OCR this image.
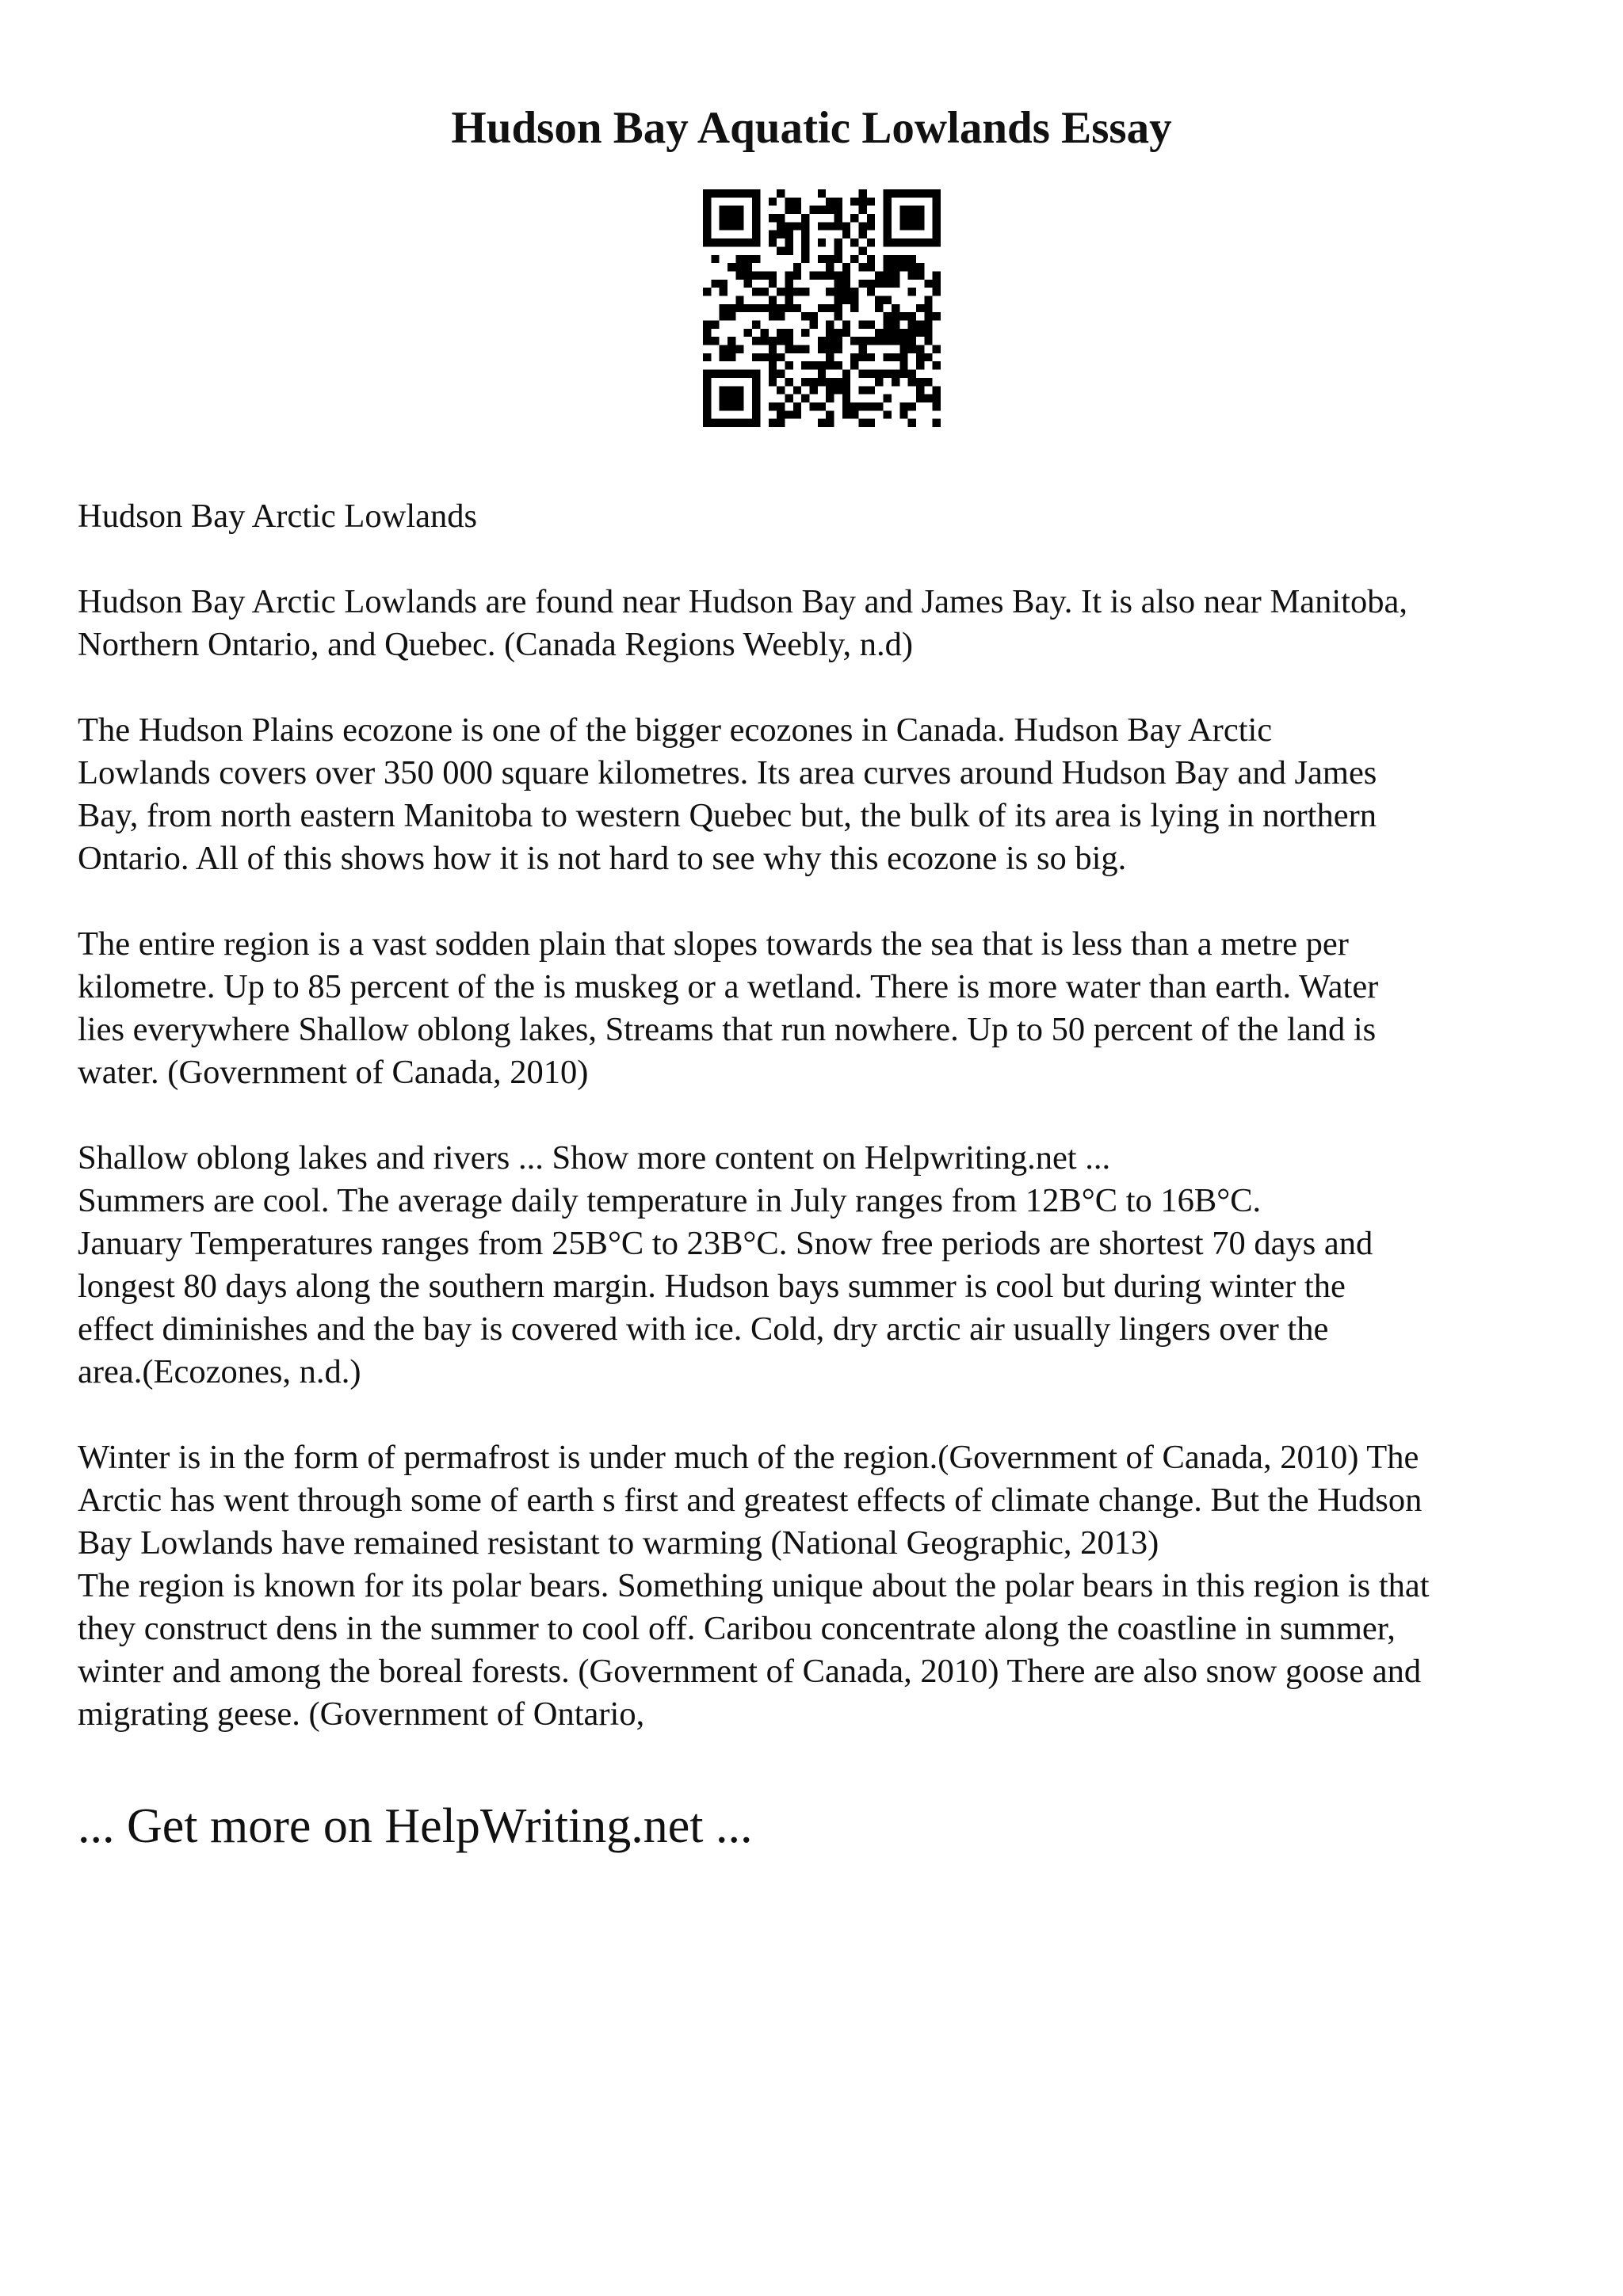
Hudson Bay Aquatic Lowlands Essay

Hudson Bay Arctic Lowlands

Hudson Bay Arctic Lowlands are found near Hudson Bay and James Bay. It is also near Manitoba,
Northern Ontario, and Quebec. (Canada Regions Weebly, n.d)

The Hudson Plains ecozone is one of the bigger ecozones in Canada. Hudson Bay Arctic
Lowlands covers over 350 000 square kilometres. Its area curves around Hudson Bay and James
Bay, from north eastern Manitoba to western Quebec but, the bulk of its area is lying in northern
Ontario. All of this shows how it is not hard to see why this ecozone is so big.

The entire region is a vast sodden plain that slopes towards the sea that is less than a metre per
kilometre. Up to 85 percent of the is muskeg or a wetland. There is more water than earth. Water
lies everywhere Shallow oblong lakes, Streams that run nowhere. Up to 50 percent of the land is
water. (Government of Canada, 2010)

Shallow oblong lakes and rivers ... Show more content on Helpwriting.net ...
Summers are cool. The average daily temperature in July ranges from 12B°C to 16B°C.
January Temperatures ranges from 25B°C to 23B°C. Snow free periods are shortest 70 days and
longest 80 days along the southern margin. Hudson bays summer is cool but during winter the
effect diminishes and the bay is covered with ice. Cold, dry arctic air usually lingers over the
area.(Ecozones, n.d.)

Winter is in the form of permafrost is under much of the region.(Government of Canada, 2010) The
Arctic has went through some of earth s first and greatest effects of climate change. But the Hudson
Bay Lowlands have remained resistant to warming (National Geographic, 2013)
The region is known for its polar bears. Something unique about the polar bears in this region is that
they construct dens in the summer to cool off. Caribou concentrate along the coastline in summer,
winter and among the boreal forests. (Government of Canada, 2010) There are also snow goose and
migrating geese. (Government of Ontario,

... Get more on HelpWriting.net ...
